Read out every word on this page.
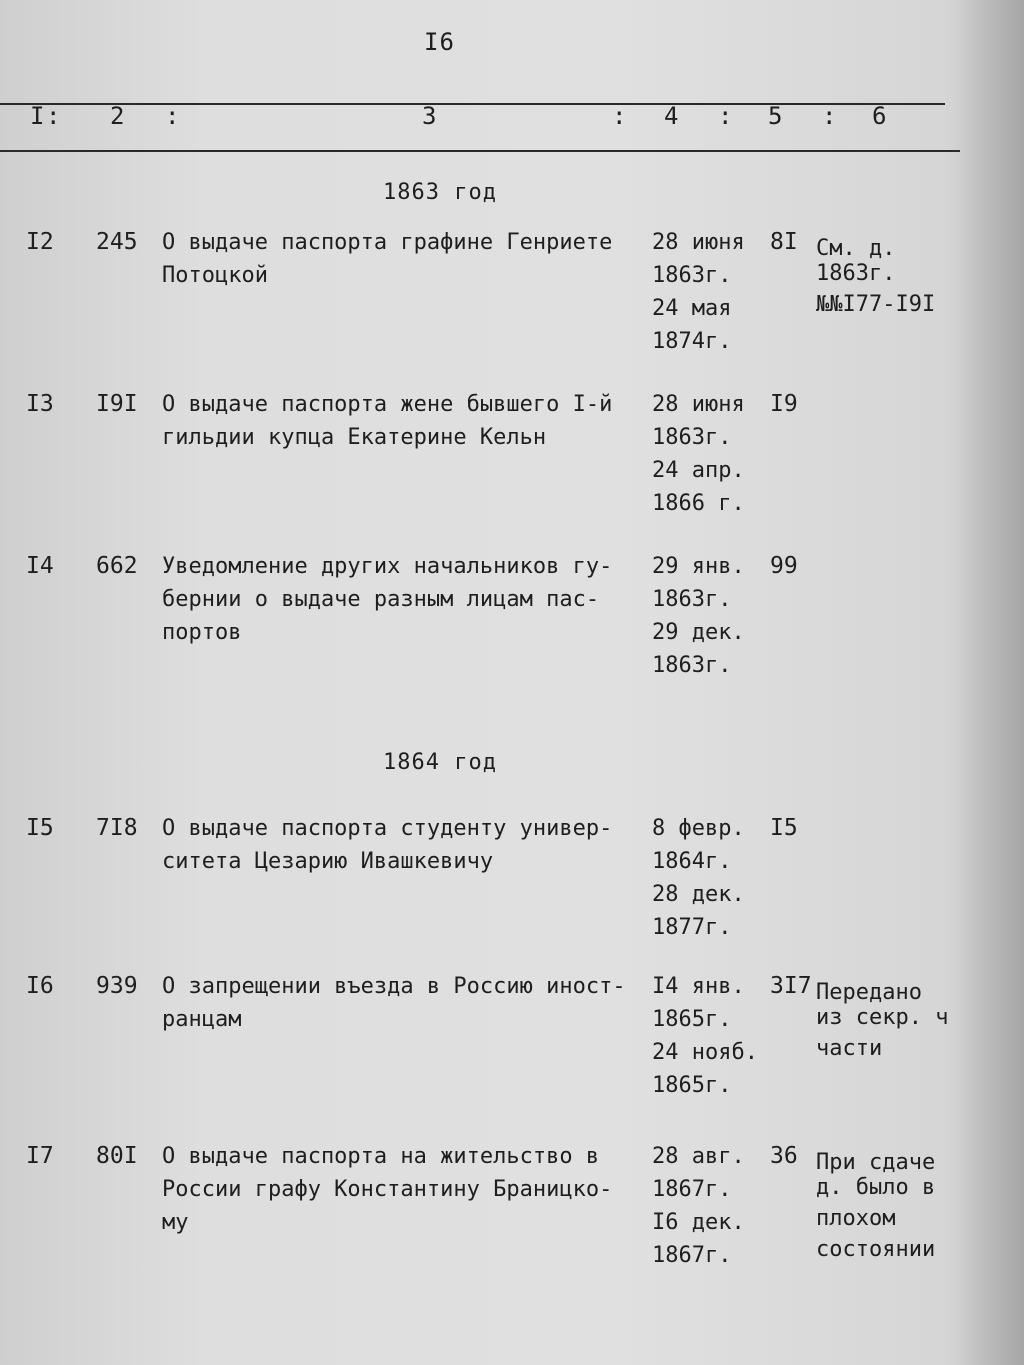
I6
I : 2 :	3	: 4 : 5 : 6
1863 год
1864 год
I2 245 О выдаче паспорта графине Генриете
Потоцкой
28 июня
1863г.
24 мая
1874г.
8I См. д.
1863г.
№№I77-I9I
I3 I9I О выдаче паспорта жене бывшего I-й
гильдии купца Екатерине Кельн
28 июня
1863г.
24 апр.
1866 г.
I9
I4 662 Уведомление других начальников гу-
бернии о выдаче разным лицам пас-
портов
29 янв.
1863г.
29 дек.
1863г.
99
I5 7I8 О выдаче паспорта студенту универ-
ситета Цезарию Ивашкевичу
8 февр.
1864г.
28 дек.
1877г.
I5
I6 939 О запрещении въезда в Россию иност-
ранцам
I4 янв.
1865г.
24 нояб.
1865г.
3I7 Передано
из секр. ч
части
I7 80I О выдаче паспорта на жительство в
России графу Константину Браницко-
му
28 авг.
1867г.
I6 дек.
1867г.
36 При сдаче
д. было в
плохом
состоянии
